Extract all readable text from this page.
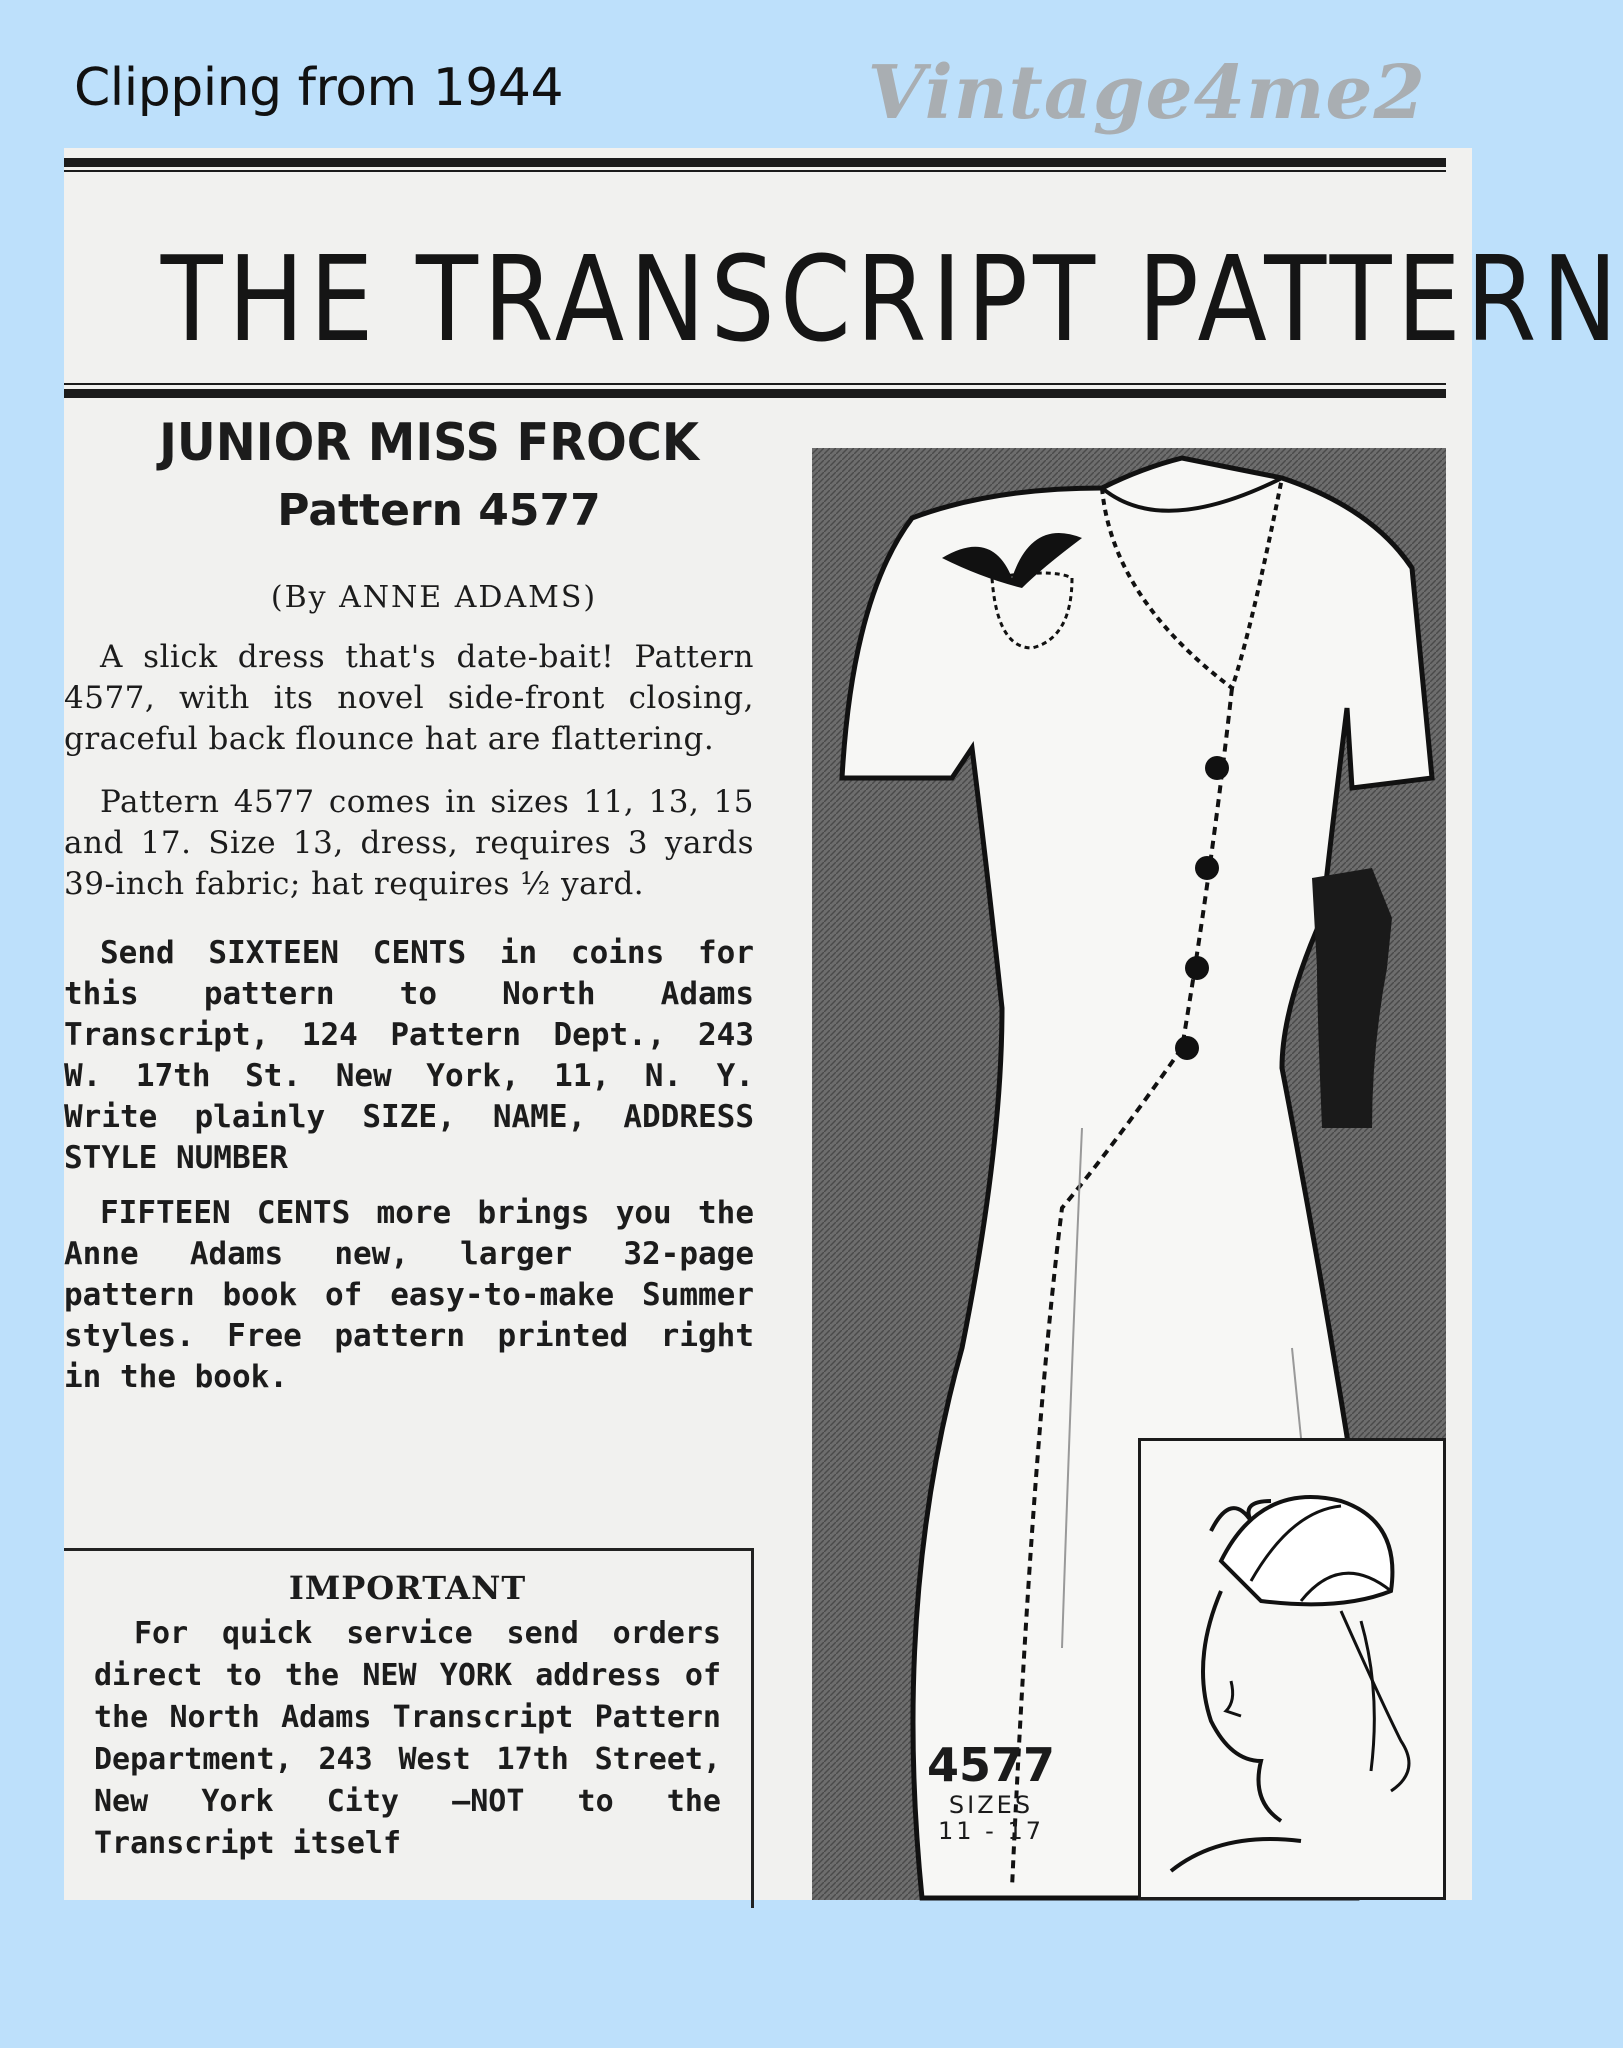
Clipping from 1944	Vintage4me2
THE TRANSCRIPT PATTERN
JUNIOR MISS FROCK
Pattern 4577
(By ANNE ADAMS)

A slick dress that's date-bait! Pattern 4577, with its novel side-front closing, graceful back flounce hat are flattering.

Pattern 4577 comes in sizes 11, 13, 15 and 17. Size 13, dress, requires 3 yards 39-inch fabric; hat requires ½ yard.

Send SIXTEEN CENTS in coins for this pattern to North Adams Transcript, 124 Pattern Dept., 243 W. 17th St. New York, 11, N. Y. Write plainly SIZE, NAME, ADDRESS STYLE NUMBER

FIFTEEN CENTS more brings you the Anne Adams new, larger 32-page pattern book of easy-to-make Summer styles. Free pattern printed right in the book.

IMPORTANT
For quick service send orders direct to the NEW YORK address of the North Adams Transcript Pattern Department, 243 West 17th Street, New York City —NOT to the Transcript itself
4577
SIZES
11 - 17
